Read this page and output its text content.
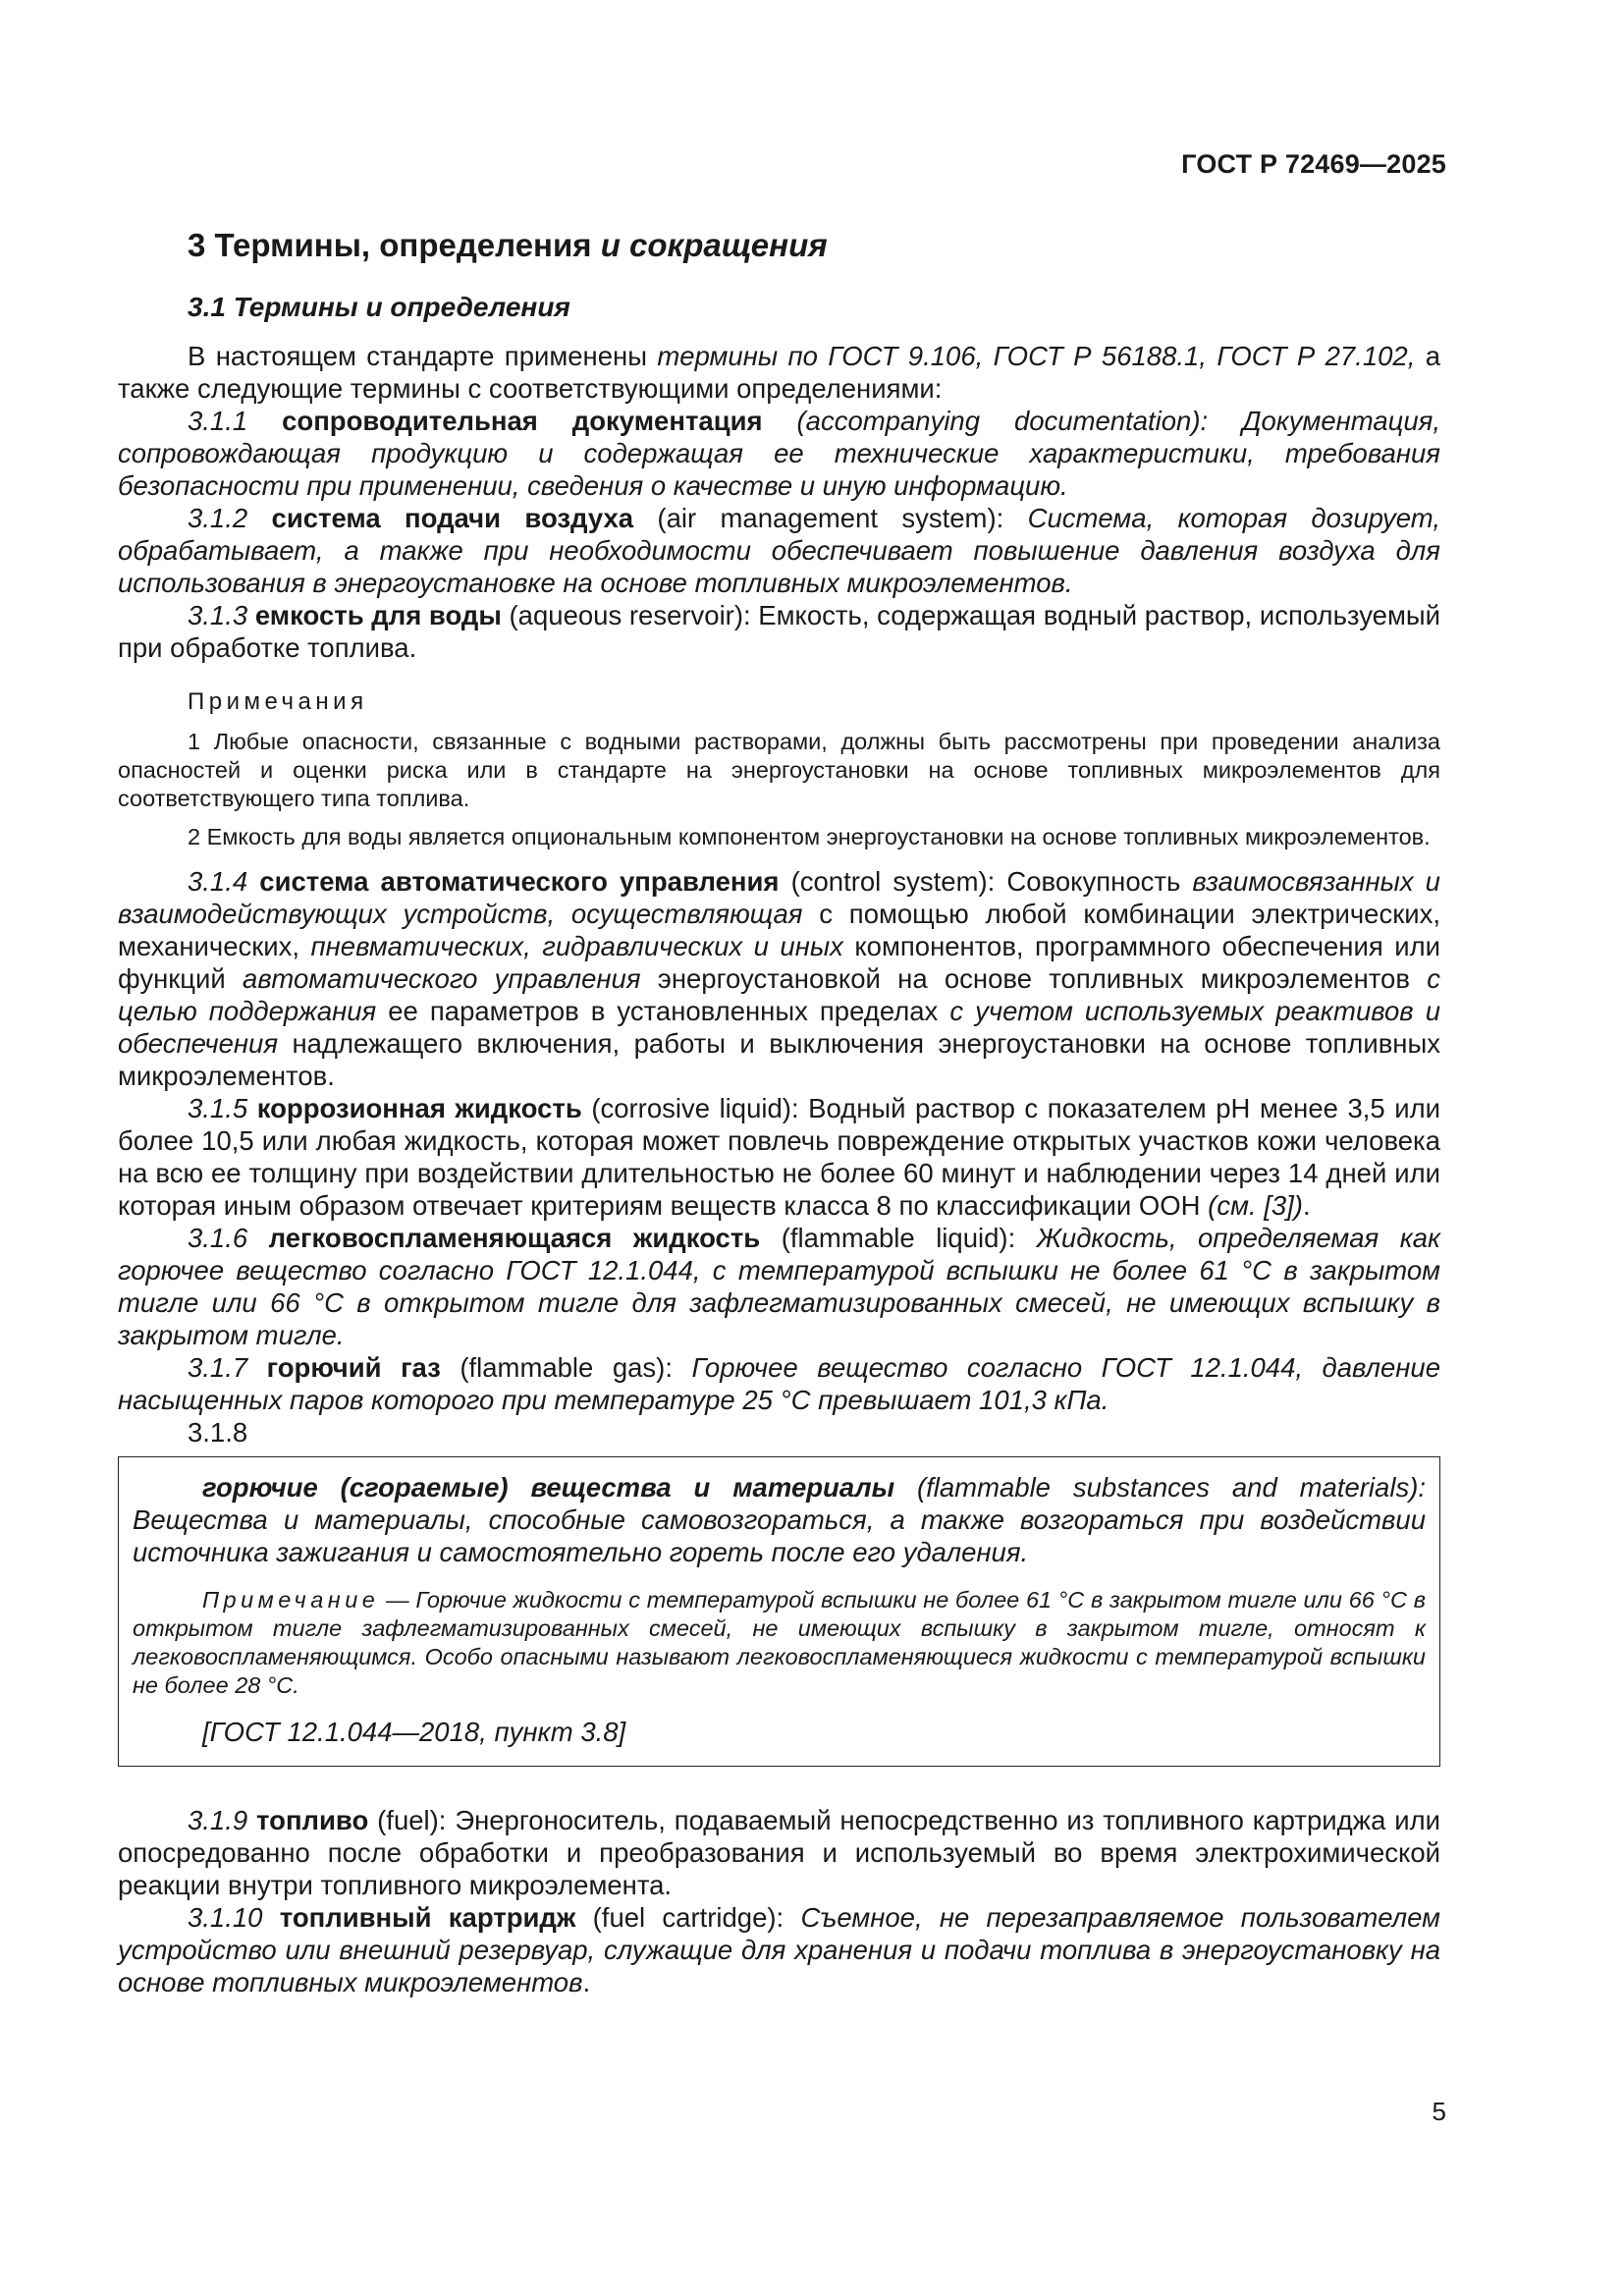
ГОСТ Р 72469—2025

3 Термины, определения и сокращения

3.1 Термины и определения

В настоящем стандарте применены термины по ГОСТ 9.106, ГОСТ Р 56188.1, ГОСТ Р 27.102, а также следующие термины с соответствующими определениями:

3.1.1 сопроводительная документация (accompanying documentation): Документация, сопровождающая продукцию и содержащая ее технические характеристики, требования безопасности при применении, сведения о качестве и иную информацию.

3.1.2 система подачи воздуха (air management system): Система, которая дозирует, обрабатывает, а также при необходимости обеспечивает повышение давления воздуха для использования в энергоустановке на основе топливных микроэлементов.

3.1.3 емкость для воды (aqueous reservoir): Емкость, содержащая водный раствор, используемый при обработке топлива.

Примечания

1 Любые опасности, связанные с водными растворами, должны быть рассмотрены при проведении анализа опасностей и оценки риска или в стандарте на энергоустановки на основе топливных микроэлементов для соответствующего типа топлива.

2 Емкость для воды является опциональным компонентом энергоустановки на основе топливных микроэлементов.

3.1.4 система автоматического управления (control system): Совокупность взаимосвязанных и взаимодействующих устройств, осуществляющая с помощью любой комбинации электрических, механических, пневматических, гидравлических и иных компонентов, программного обеспечения или функций автоматического управления энергоустановкой на основе топливных микроэлементов с целью поддержания ее параметров в установленных пределах с учетом используемых реактивов и обеспечения надлежащего включения, работы и выключения энергоустановки на основе топливных микроэлементов.

3.1.5 коррозионная жидкость (corrosive liquid): Водный раствор с показателем рН менее 3,5 или более 10,5 или любая жидкость, которая может повлечь повреждение открытых участков кожи человека на всю ее толщину при воздействии длительностью не более 60 минут и наблюдении через 14 дней или которая иным образом отвечает критериям веществ класса 8 по классификации ООН (см. [3]).

3.1.6 легковоспламеняющаяся жидкость (flammable liquid): Жидкость, определяемая как горючее вещество согласно ГОСТ 12.1.044, с температурой вспышки не более 61 °С в закрытом тигле или 66 °С в открытом тигле для зафлегматизированных смесей, не имеющих вспышку в закрытом тигле.

3.1.7 горючий газ (flammable gas): Горючее вещество согласно ГОСТ 12.1.044, давление насыщенных паров которого при температуре 25 °С превышает 101,3 кПа.

3.1.8

горючие (сгораемые) вещества и материалы (flammable substances and materials): Вещества и материалы, способные самовозгораться, а также возгораться при воздействии источника зажигания и самостоятельно гореть после его удаления.

Примечание — Горючие жидкости с температурой вспышки не более 61 °С в закрытом тигле или 66 °С в открытом тигле зафлегматизированных смесей, не имеющих вспышку в закрытом тигле, относят к легковоспламеняющимся. Особо опасными называют легковоспламеняющиеся жидкости с температурой вспышки не более 28 °С.

[ГОСТ 12.1.044—2018, пункт 3.8]

3.1.9 топливо (fuel): Энергоноситель, подаваемый непосредственно из топливного картриджа или опосредованно после обработки и преобразования и используемый во время электрохимической реакции внутри топливного микроэлемента.

3.1.10 топливный картридж (fuel cartridge): Съемное, не перезаправляемое пользователем устройство или внешний резервуар, служащие для хранения и подачи топлива в энергоустановку на основе топливных микроэлементов.

5
